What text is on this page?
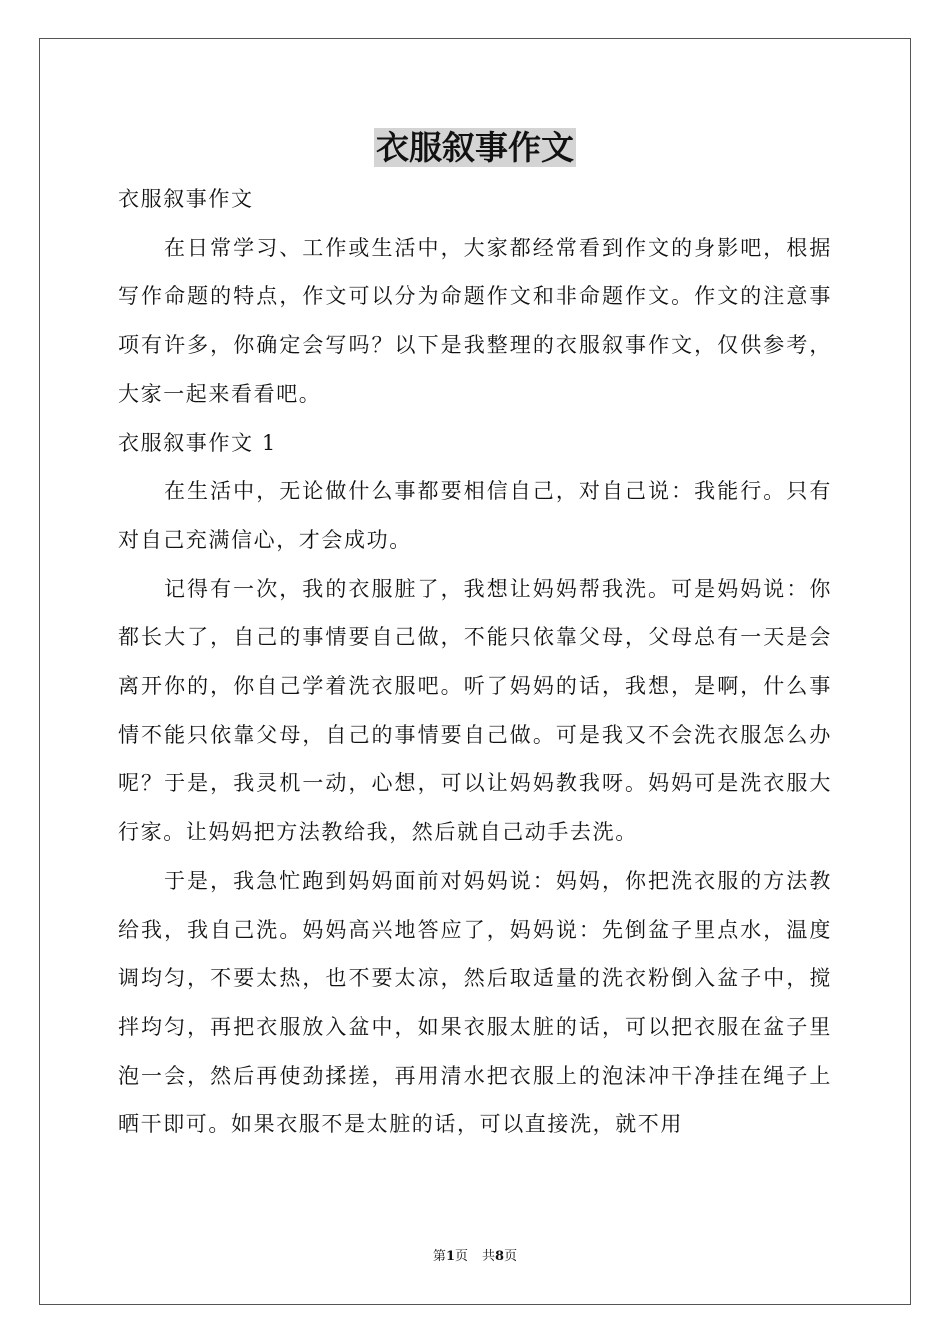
衣服叙事作文

衣服叙事作文

在日常学习、工作或生活中，大家都经常看到作文的身影吧，根据写作命题的特点，作文可以分为命题作文和非命题作文。作文的注意事项有许多，你确定会写吗？以下是我整理的衣服叙事作文，仅供参考，大家一起来看看吧。

衣服叙事作文 1

在生活中，无论做什么事都要相信自己，对自己说：我能行。只有对自己充满信心，才会成功。

记得有一次，我的衣服脏了，我想让妈妈帮我洗。可是妈妈说：你都长大了，自己的事情要自己做，不能只依靠父母，父母总有一天是会离开你的，你自己学着洗衣服吧。听了妈妈的话，我想，是啊，什么事情不能只依靠父母，自己的事情要自己做。可是我又不会洗衣服怎么办呢？于是，我灵机一动，心想，可以让妈妈教我呀。妈妈可是洗衣服大行家。让妈妈把方法教给我，然后就自己动手去洗。

于是，我急忙跑到妈妈面前对妈妈说：妈妈，你把洗衣服的方法教给我，我自己洗。妈妈高兴地答应了，妈妈说：先倒盆子里点水，温度调均匀，不要太热，也不要太凉，然后取适量的洗衣粉倒入盆子中，搅拌均匀，再把衣服放入盆中，如果衣服太脏的话，可以把衣服在盆子里泡一会，然后再使劲揉搓，再用清水把衣服上的泡沫冲干净挂在绳子上晒干即可。如果衣服不是太脏的话，可以直接洗，就不用

第1页 共8页
